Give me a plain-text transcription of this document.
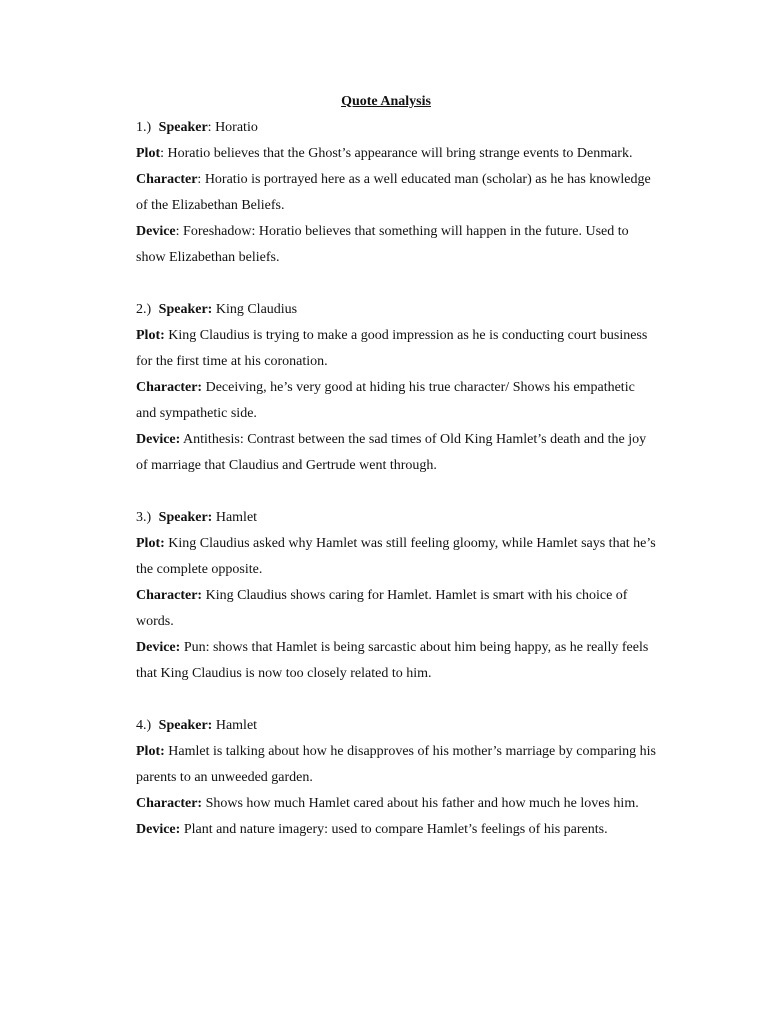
Quote Analysis

1.) Speaker: Horatio

Plot: Horatio believes that the Ghost’s appearance will bring strange events to Denmark.

Character: Horatio is portrayed here as a well educated man (scholar) as he has knowledge of the Elizabethan Beliefs.

Device: Foreshadow: Horatio believes that something will happen in the future. Used to show Elizabethan beliefs.

2.) Speaker: King Claudius

Plot: King Claudius is trying to make a good impression as he is conducting court business for the first time at his coronation.

Character: Deceiving, he’s very good at hiding his true character/ Shows his empathetic and sympathetic side.

Device: Antithesis: Contrast between the sad times of Old King Hamlet’s death and the joy of marriage that Claudius and Gertrude went through.

3.) Speaker: Hamlet

Plot: King Claudius asked why Hamlet was still feeling gloomy, while Hamlet says that he’s the complete opposite.

Character: King Claudius shows caring for Hamlet. Hamlet is smart with his choice of words.

Device: Pun: shows that Hamlet is being sarcastic about him being happy, as he really feels that King Claudius is now too closely related to him.

4.) Speaker: Hamlet

Plot: Hamlet is talking about how he disapproves of his mother’s marriage by comparing his parents to an unweeded garden.

Character: Shows how much Hamlet cared about his father and how much he loves him.

Device: Plant and nature imagery: used to compare Hamlet’s feelings of his parents.
